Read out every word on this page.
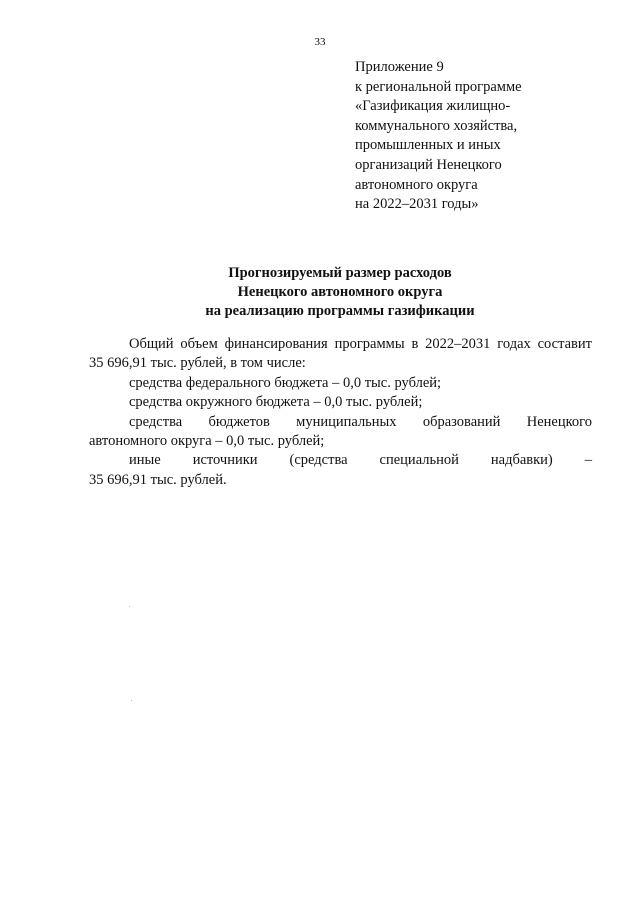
33
Приложение 9
к региональной программе
«Газификация жилищно-
коммунального хозяйства,
промышленных и иных
организаций Ненецкого
автономного округа
на 2022–2031 годы»
Прогнозируемый размер расходов
Ненецкого автономного округа
на реализацию программы газификации
Общий объем финансирования программы в 2022–2031 годах составит
35 696,91 тыс. рублей, в том числе:
средства федерального бюджета – 0,0 тыс. рублей;
средства окружного бюджета – 0,0 тыс. рублей;
средства бюджетов муниципальных образований Ненецкого
автономного округа – 0,0 тыс. рублей;
иные источники (средства специальной надбавки) –
35 696,91 тыс. рублей.
